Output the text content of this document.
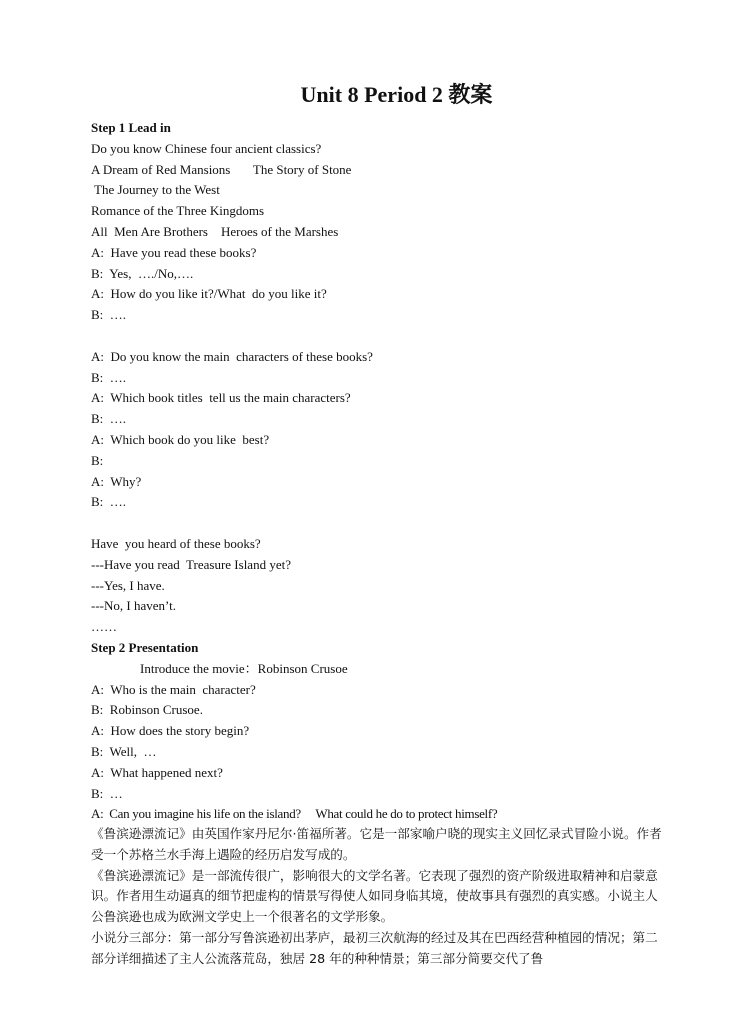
Unit 8 Period 2 教案
Step 1 Lead in
Do you know Chinese four ancient classics?
A Dream of Red Mansions       The Story of Stone
The Journey to the West
Romance of the Three Kingdoms
All  Men Are Brothers    Heroes of the Marshes
A:  Have you read these books?
B:  Yes,  …./No,….
A:  How do you like it?/What  do you like it?
B:  ….
A:  Do you know the main  characters of these books?
B:  ….
A:  Which book titles  tell us the main characters?
B:  ….
A:  Which book do you like  best?
B:
A:  Why?
B:  ….
Have  you heard of these books?
---Have you read  Treasure Island yet?
---Yes, I have.
---No, I haven’t.
……
Step 2 Presentation
Introduce the movie：Robinson Crusoe
A:  Who is the main  character?
B:  Robinson Crusoe.
A:  How does the story begin?
B:  Well,  …
A:  What happened next?
B:  …
A:  Can you imagine his life on the island?     What could he do to protect himself?

《鲁滨逊漂流记》由英国作家丹尼尔·笛福所著。它是一部家喻户晓的现实主义回忆录式冒险小说。作者受一个苏格兰水手海上遇险的经历启发写成的。

《鲁滨逊漂流记》是一部流传很广，影响很大的文学名著。它表现了强烈的资产阶级进取精神和启蒙意识。作者用生动逼真的细节把虚构的情景写得使人如同身临其境，使故事具有强烈的真实感。小说主人公鲁滨逊也成为欧洲文学史上一个很著名的文学形象。

小说分三部分：第一部分写鲁滨逊初出茅庐，最初三次航海的经过及其在巴西经营种植园的情况；第二部分详细描述了主人公流落荒岛，独居 28 年的种种情景；第三部分简要交代了鲁
